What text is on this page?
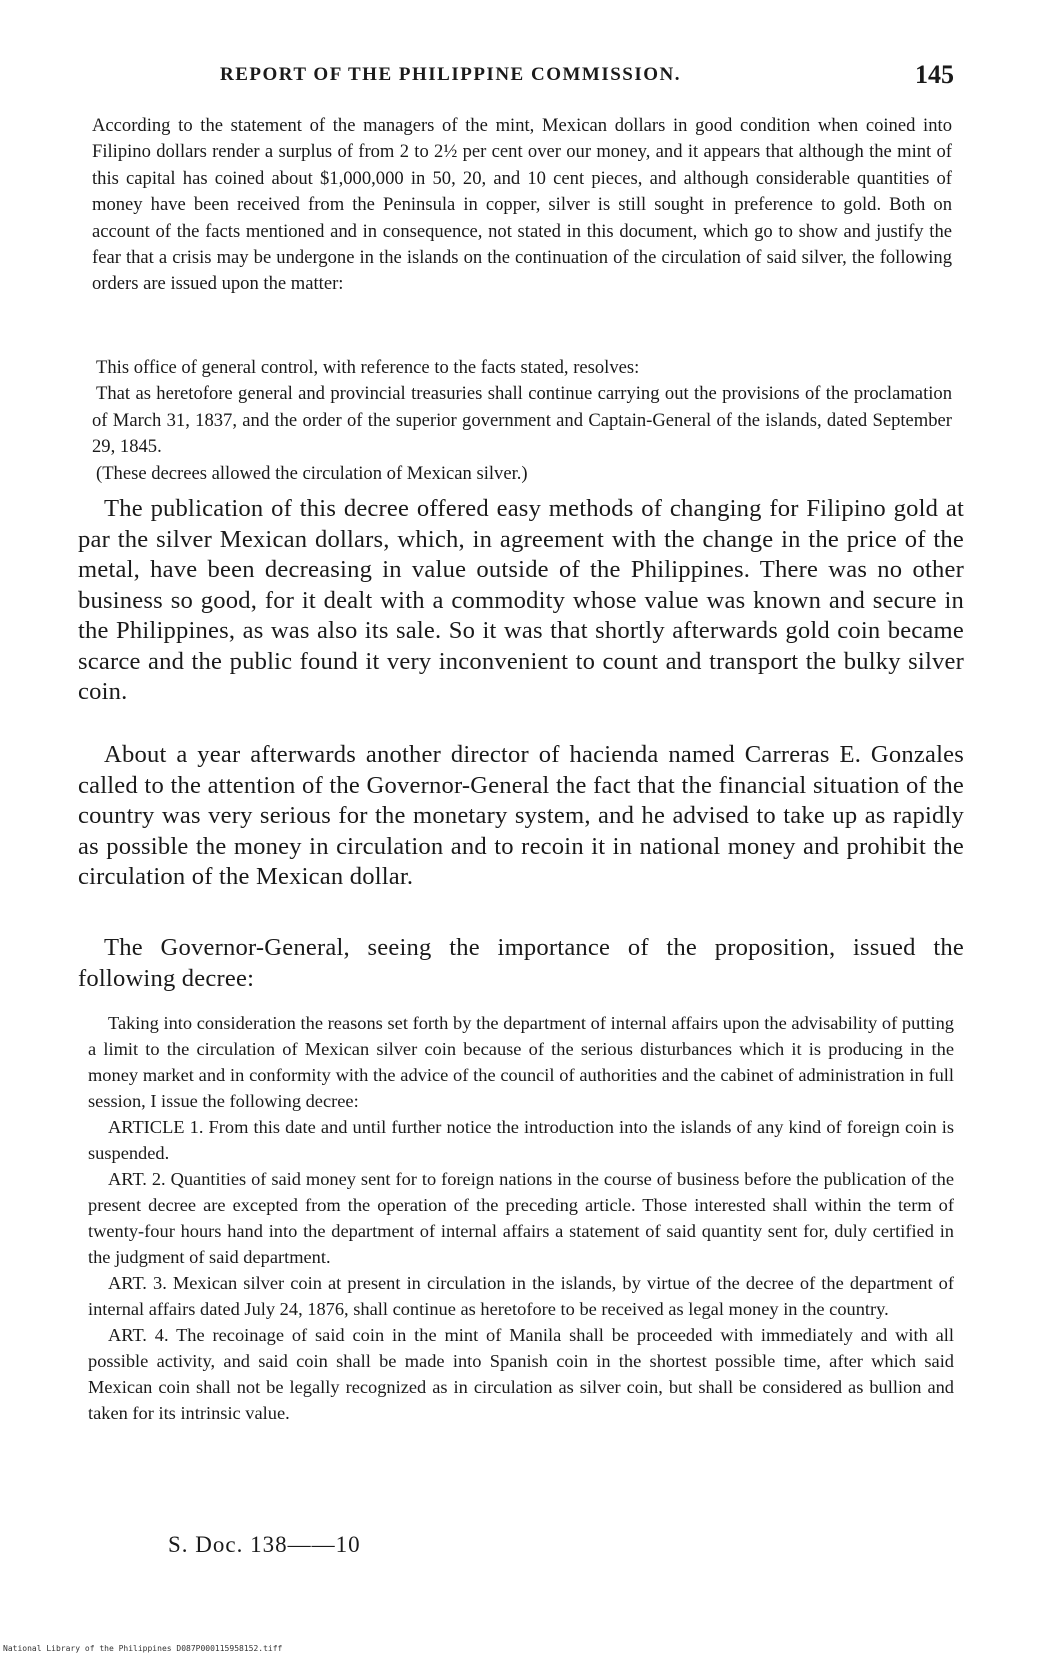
REPORT OF THE PHILIPPINE COMMISSION.	145

According to the statement of the managers of the mint, Mexican dollars in good condition when coined into Filipino dollars render a surplus of from 2 to 2½ per cent over our money, and it appears that although the mint of this capital has coined about $1,000,000 in 50, 20, and 10 cent pieces, and although considerable quantities of money have been received from the Peninsula in copper, silver is still sought in preference to gold. Both on account of the facts mentioned and in consequence, not stated in this document, which go to show and justify the fear that a crisis may be undergone in the islands on the continuation of the circulation of said silver, the following orders are issued upon the matter:

This office of general control, with reference to the facts stated, resolves:

That as heretofore general and provincial treasuries shall continue carrying out the provisions of the proclamation of March 31, 1837, and the order of the superior government and Captain-General of the islands, dated September 29, 1845.

(These decrees allowed the circulation of Mexican silver.)

The publication of this decree offered easy methods of changing for Filipino gold at par the silver Mexican dollars, which, in agreement with the change in the price of the metal, have been decreasing in value outside of the Philippines. There was no other business so good, for it dealt with a commodity whose value was known and secure in the Philippines, as was also its sale. So it was that shortly afterwards gold coin became scarce and the public found it very inconvenient to count and transport the bulky silver coin.

About a year afterwards another director of hacienda named Carreras E. Gonzales called to the attention of the Governor-General the fact that the financial situation of the country was very serious for the monetary system, and he advised to take up as rapidly as possible the money in circulation and to recoin it in national money and prohibit the circulation of the Mexican dollar.

The Governor-General, seeing the importance of the proposition, issued the following decree:

Taking into consideration the reasons set forth by the department of internal affairs upon the advisability of putting a limit to the circulation of Mexican silver coin because of the serious disturbances which it is producing in the money market and in conformity with the advice of the council of authorities and the cabinet of administration in full session, I issue the following decree:

ARTICLE 1. From this date and until further notice the introduction into the islands of any kind of foreign coin is suspended.

ART. 2. Quantities of said money sent for to foreign nations in the course of business before the publication of the present decree are excepted from the operation of the preceding article. Those interested shall within the term of twenty-four hours hand into the department of internal affairs a statement of said quantity sent for, duly certified in the judgment of said department.

ART. 3. Mexican silver coin at present in circulation in the islands, by virtue of the decree of the department of internal affairs dated July 24, 1876, shall continue as heretofore to be received as legal money in the country.

ART. 4. The recoinage of said coin in the mint of Manila shall be proceeded with immediately and with all possible activity, and said coin shall be made into Spanish coin in the shortest possible time, after which said Mexican coin shall not be legally recognized as in circulation as silver coin, but shall be considered as bullion and taken for its intrinsic value.

S. Doc. 138——10
National Library of the Philippines D087P000115958152.tiff
